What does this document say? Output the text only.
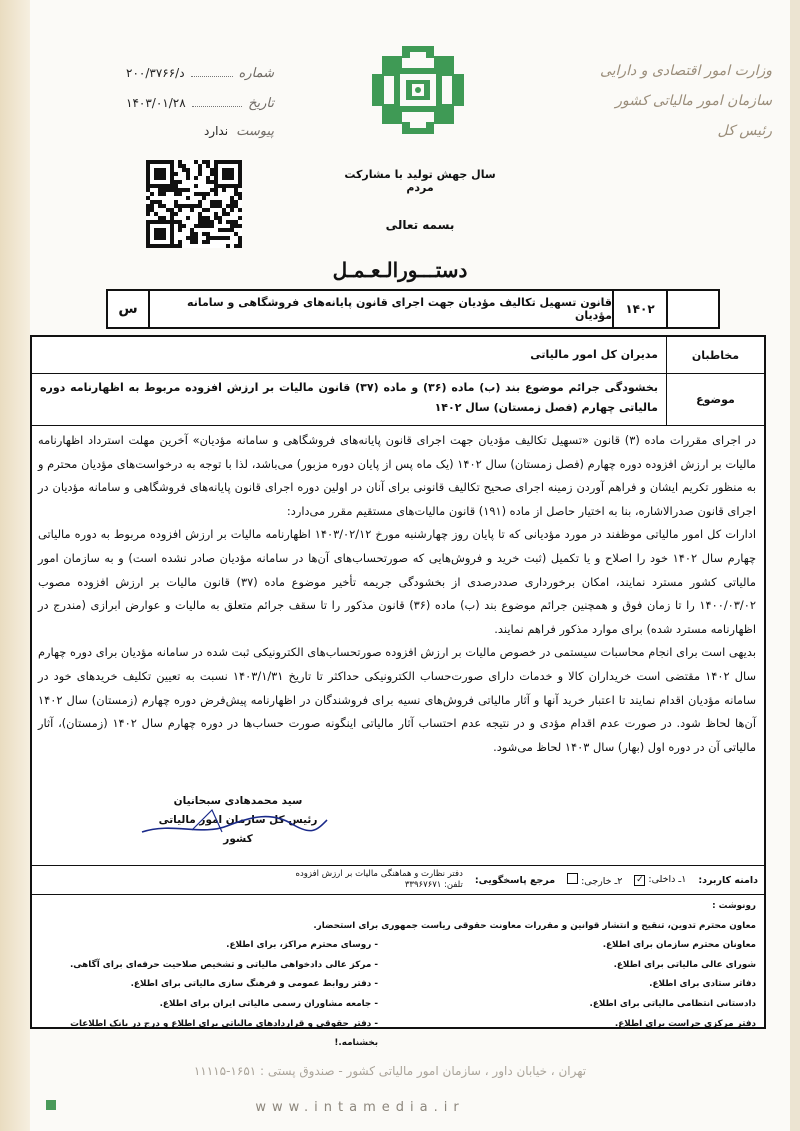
وزارت امور اقتصادی و دارایی
سازمان امور مالیاتی کشور
رئیس کل
شماره
د/۲۰۰/۳۷۶۶
تاریخ
۱۴۰۳/۰۱/۲۸
پیوست
ندارد
سال جهش تولید با مشارکت مردم
بسمه تعالی
دستـــورالـعـمـل
۱۴۰۲
قانون تسهیل تکالیف مؤدیان جهت اجرای قانون پایانه‌های فروشگاهی و سامانه مؤدیان
س
مخاطبان
مدیران کل امور مالیاتی
موضوع
بخشودگی جرائم موضوع بند (ب) ماده (۳۶) و ماده (۳۷) قانون مالیات بر ارزش افزوده مربوط به اظهارنامه دوره مالیاتی چهارم (فصل زمستان) سال ۱۴۰۲

در اجرای مقررات ماده (۳) قانون «تسهیل تکالیف مؤدیان جهت اجرای قانون پایانه‌های فروشگاهی و سامانه مؤدیان» آخرین مهلت استرداد اظهارنامه مالیات بر ارزش افزوده دوره چهارم (فصل زمستان) سال ۱۴۰۲ (یک ماه پس از پایان دوره مزبور) می‌باشد، لذا با توجه به درخواست‌های مؤدیان محترم و به منظور تکریم ایشان و فراهم آوردن زمینه اجرای صحیح تکالیف قانونی برای آنان در اولین دوره اجرای قانون پایانه‌های فروشگاهی و سامانه مؤدیان در اجرای قانون صدرالاشاره، بنا به اختیار حاصل از ماده (۱۹۱) قانون مالیات‌های مستقیم مقرر می‌دارد:

ادارات کل امور مالیاتی موظفند در مورد مؤدیانی که تا پایان روز چهارشنبه مورخ ۱۴۰۳/۰۲/۱۲ اظهارنامه مالیات بر ارزش افزوده مربوط به دوره مالیاتی چهارم سال ۱۴۰۲ خود را اصلاح و یا تکمیل (ثبت خرید و فروش‌هایی که صورتحساب‌های آن‌ها در سامانه مؤدیان صادر نشده است) و به سازمان امور مالیاتی کشور مسترد نمایند، امکان برخورداری صددرصدی از بخشودگی جریمه تأخیر موضوع ماده (۳۷) قانون مالیات بر ارزش افزوده مصوب ۱۴۰۰/۰۳/۰۲ را تا زمان فوق و همچنین جرائم موضوع بند (ب) ماده (۳۶) قانون مذکور را تا سقف جرائم متعلق به مالیات و عوارض ابرازی (مندرج در اظهارنامه مسترد شده) برای موارد مذکور فراهم نمایند.

بدیهی است برای انجام محاسبات سیستمی در خصوص مالیات بر ارزش افزوده صورتحساب‌های الکترونیکی ثبت شده در سامانه مؤدیان برای دوره چهارم سال ۱۴۰۲ مقتضی است خریداران کالا و خدمات دارای صورت‌حساب الکترونیکی حداکثر تا تاریخ ۱۴۰۳/۱/۳۱ نسبت به تعیین تکلیف خریدهای خود در سامانه مؤدیان اقدام نمایند تا اعتبار خرید آنها و آثار مالیاتی فروش‌های نسیه برای فروشندگان در اظهارنامه پیش‌فرض دوره چهارم (زمستان) سال ۱۴۰۲ آن‌ها لحاظ شود. در صورت عدم اقدام مؤدی و در نتیجه عدم احتساب آثار مالیاتی اینگونه صورت حساب‌ها در دوره چهارم سال ۱۴۰۲ (زمستان)، آثار مالیاتی آن در دوره اول (بهار) سال ۱۴۰۳ لحاظ می‌شود.

سید محمدهادی سبحانیان
رئیس کل سازمان امور مالیاتی کشور
دامنه کاربرد:
۱ـ داخلی: ✓
۲ـ خارجی:
مرجع پاسخگویی:
دفتر نظارت و هماهنگی مالیات بر ارزش افزوده
تلفن: ۳۳۹۶۷۶۷۱
رونوشت :
معاون محترم تدوین، تنقیح و انتشار قوانین و مقررات معاونت حقوقی ریاست جمهوری برای استحضار.
معاونان محترم سازمان برای اطلاع.
- روسای محترم مراکز، برای اطلاع.
شورای عالی مالیاتی برای اطلاع.
- مرکز عالی دادخواهی مالیاتی و تشخیص صلاحیت حرفه‌ای برای آگاهی.
دفاتر ستادی برای اطلاع.
- دفتر روابط عمومی و فرهنگ سازی مالیاتی برای اطلاع.
دادستانی انتظامی مالیاتی برای اطلاع.
- جامعه مشاوران رسمی مالیاتی ایران برای اطلاع.
دفتر مرکزی حراست برای اطلاع.
- دفتر حقوقی و قراردادهای مالیاتی برای اطلاع و درج در بانک اطلاعات بخشنامه.!
تهران ، خیابان داور ، سازمان امور مالیاتی کشور - صندوق پستی : ۱۶۵۱-۱۱۱۱۵
www.intamedia.ir
